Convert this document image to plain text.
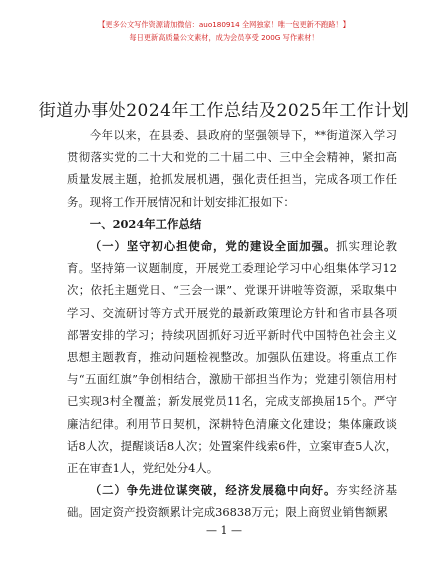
【更多公文写作资源请加微信：auo180914 全网独家！唯一包更新不跑路！】
每日更新高质量公文素材，成为会员享受 200G 写作素材！
街道办事处2024年工作总结及2025年工作计划

今年以来，在县委、县政府的坚强领导下，**街道深入学习贯彻落实党的二十大和党的二十届二中、三中全会精神，紧扣高质量发展主题，抢抓发展机遇，强化责任担当，完成各项工作任务。现将工作开展情况和计划安排汇报如下：

一、2024年工作总结

（一）坚守初心担使命，党的建设全面加强。抓实理论教育。坚持第一议题制度，开展党工委理论学习中心组集体学习12次；依托主题党日、“三会一课”、党课开讲啦等资源，采取集中学习、交流研讨等方式开展党的最新政策理论方针和省市县各项部署安排的学习；持续巩固抓好习近平新时代中国特色社会主义思想主题教育，推动问题检视整改。加强队伍建设。将重点工作与“五面红旗”争创相结合，激励干部担当作为；党建引领信用村已实现3村全覆盖；新发展党员11名，完成支部换届15个。严守廉洁纪律。利用节日契机，深耕特色清廉文化建设；集体廉政谈话8人次，提醒谈话8人次；处置案件线索6件，立案审查5人次，正在审查1人，党纪处分4人。

（二）争先进位谋突破，经济发展稳中向好。夯实经济基础。固定资产投资额累计完成36838万元；限上商贸业销售额累

— 1 —
